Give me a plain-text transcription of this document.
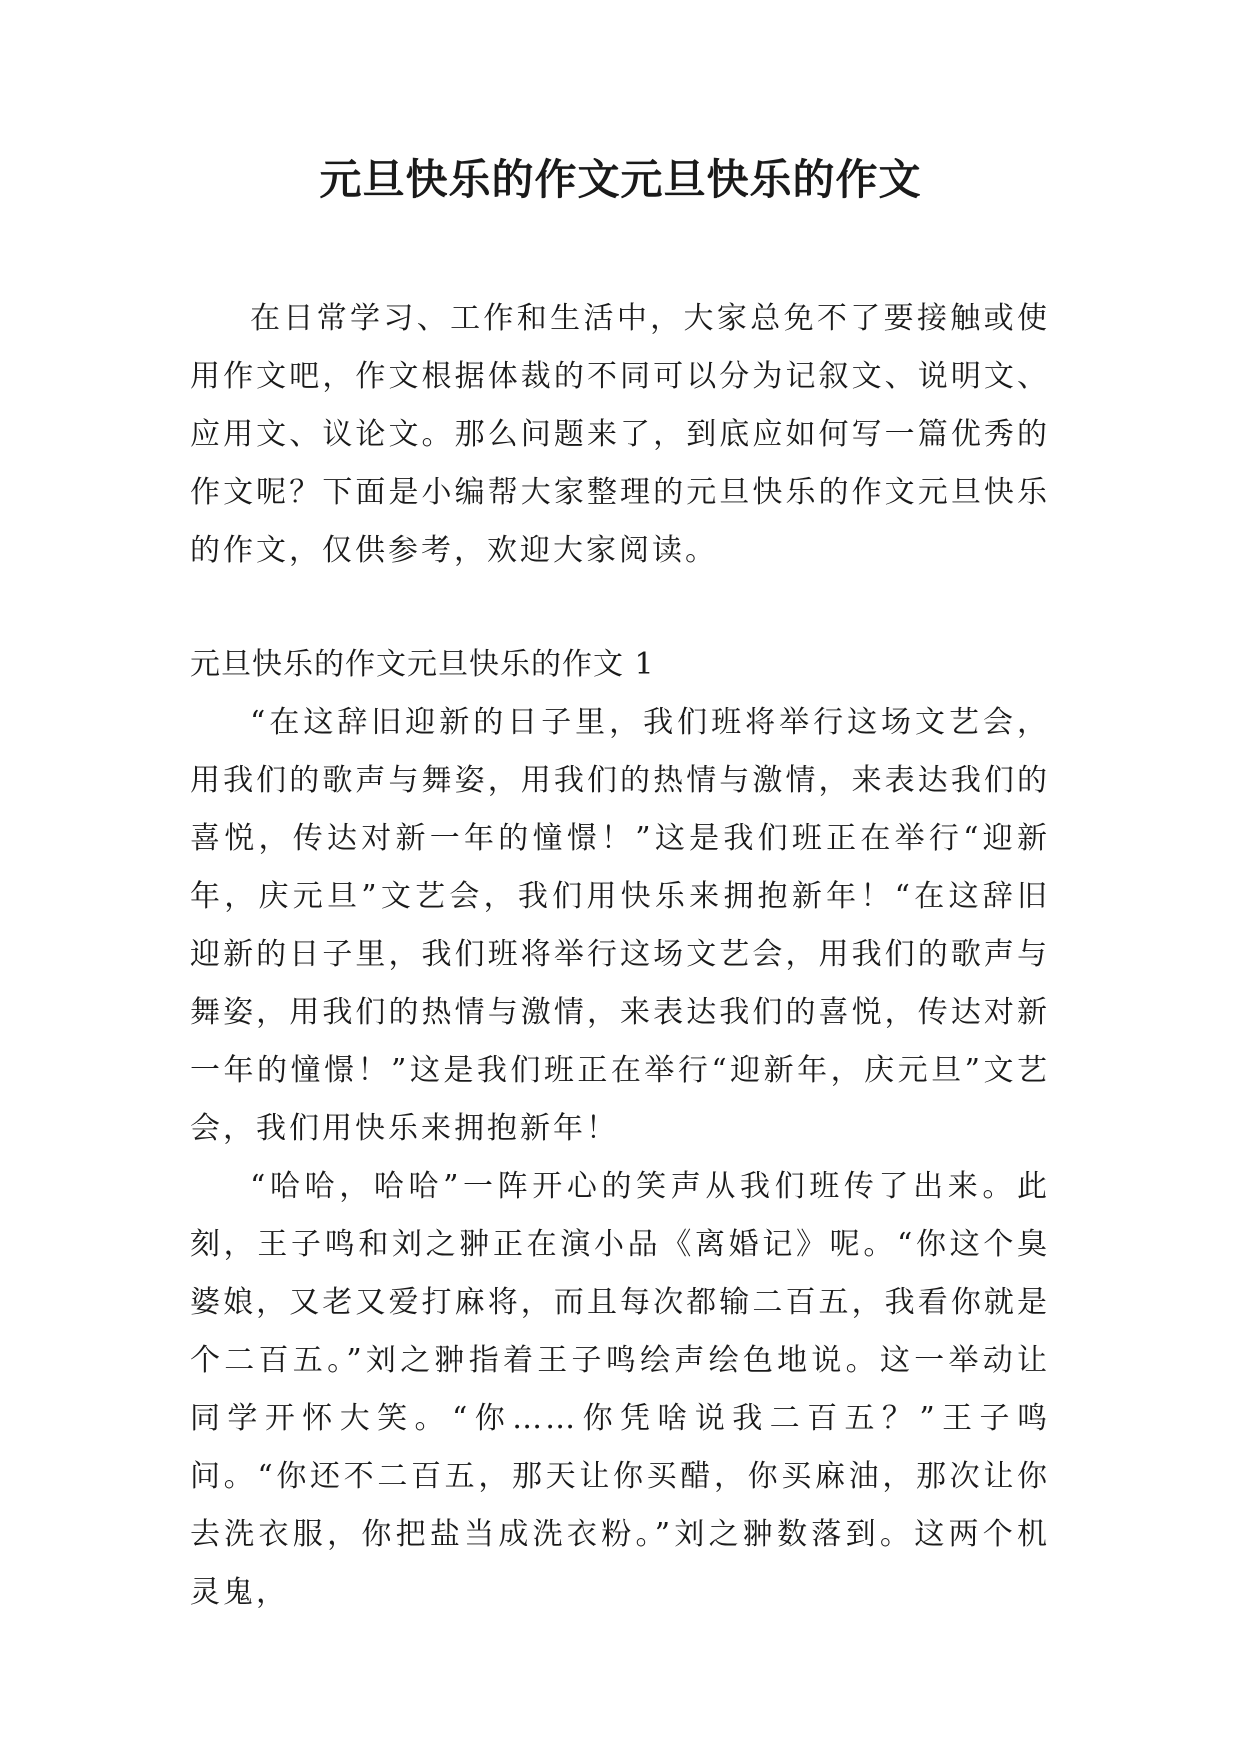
元旦快乐的作文元旦快乐的作文

在日常学习、工作和生活中，大家总免不了要接触或使用作文吧，作文根据体裁的不同可以分为记叙文、说明文、应用文、议论文。那么问题来了，到底应如何写一篇优秀的作文呢？下面是小编帮大家整理的元旦快乐的作文元旦快乐的作文，仅供参考，欢迎大家阅读。

元旦快乐的作文元旦快乐的作文 1

“在这辞旧迎新的日子里，我们班将举行这场文艺会，用我们的歌声与舞姿，用我们的热情与激情，来表达我们的喜悦，传达对新一年的憧憬！”这是我们班正在举行“迎新年，庆元旦”文艺会，我们用快乐来拥抱新年！“在这辞旧迎新的日子里，我们班将举行这场文艺会，用我们的歌声与舞姿，用我们的热情与激情，来表达我们的喜悦，传达对新一年的憧憬！”这是我们班正在举行“迎新年，庆元旦”文艺会，我们用快乐来拥抱新年！

“哈哈，哈哈”一阵开心的笑声从我们班传了出来。此刻，王子鸣和刘之翀正在演小品《离婚记》呢。“你这个臭婆娘，又老又爱打麻将，而且每次都输二百五，我看你就是个二百五。”刘之翀指着王子鸣绘声绘色地说。这一举动让同学开怀大笑。“你……你凭啥说我二百五？”王子鸣问。“你还不二百五，那天让你买醋，你买麻油，那次让你去洗衣服，你把盐当成洗衣粉。”刘之翀数落到。这两个机灵鬼，
